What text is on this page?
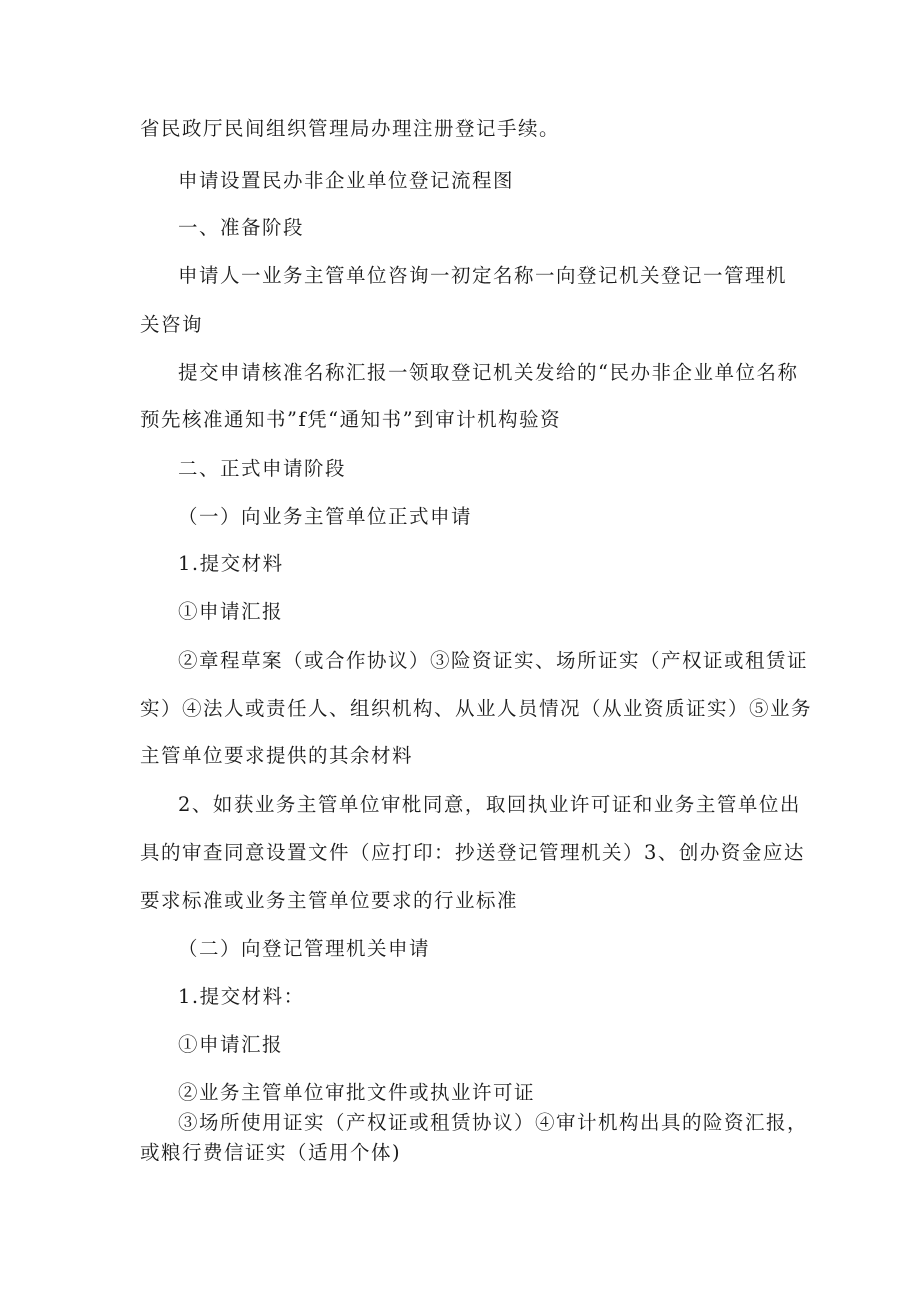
省民政厅民间组织管理局办理注册登记手续。
申请设置民办非企业单位登记流程图
一、准备阶段
申请人一业务主管单位咨询一初定名称一向登记机关登记一管理机
关咨询
提交申请核准名称汇报一领取登记机关发给的“民办非企业单位名称
预先核准通知书”f凭“通知书”到审计机构验资
二、正式申请阶段
（一）向业务主管单位正式申请
1.提交材料
①申请汇报
②章程草案（或合作协议）③险资证实、场所证实（产权证或租赁证
实）④法人或责任人、组织机构、从业人员情况（从业资质证实）⑤业务
主管单位要求提供的其余材料
2、如获业务主管单位审枇同意，取回执业许可证和业务主管单位出
具的审查同意设置文件（应打印：抄送登记管理机关）3、创办资金应达
要求标准或业务主管单位要求的行业标准
（二）向登记管理机关申请
1.提交材料：
①申请汇报
②业务主管单位审批文件或执业许可证
③场所使用证实（产权证或租赁协议）④审计机构出具的险资汇报，
或粮行费信证实（适用个体)
